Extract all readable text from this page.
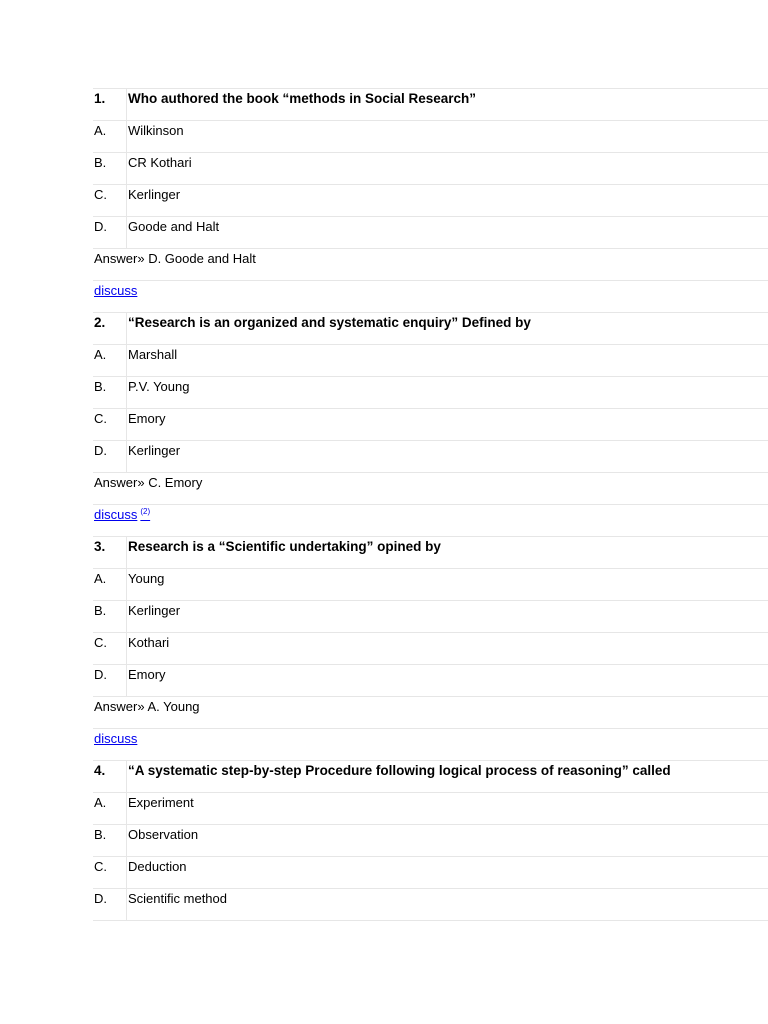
1.	Who authored the book “methods in Social Research”
A.	Wilkinson
B.	CR Kothari
C.	Kerlinger
D.	Goode and Halt
Answer» D. Goode and Halt
discuss
2.	“Research is an organized and systematic enquiry” Defined by
A.	Marshall
B.	P.V. Young
C.	Emory
D.	Kerlinger
Answer» C. Emory
discuss $^{(2)}$
3.	Research is a “Scientific undertaking” opined by
A.	Young
B.	Kerlinger
C.	Kothari
D.	Emory
Answer» A. Young
discuss
4.	“A systematic step-by-step Procedure following logical process of reasoning” called
A.	Experiment
B.	Observation
C.	Deduction
D.	Scientific method
